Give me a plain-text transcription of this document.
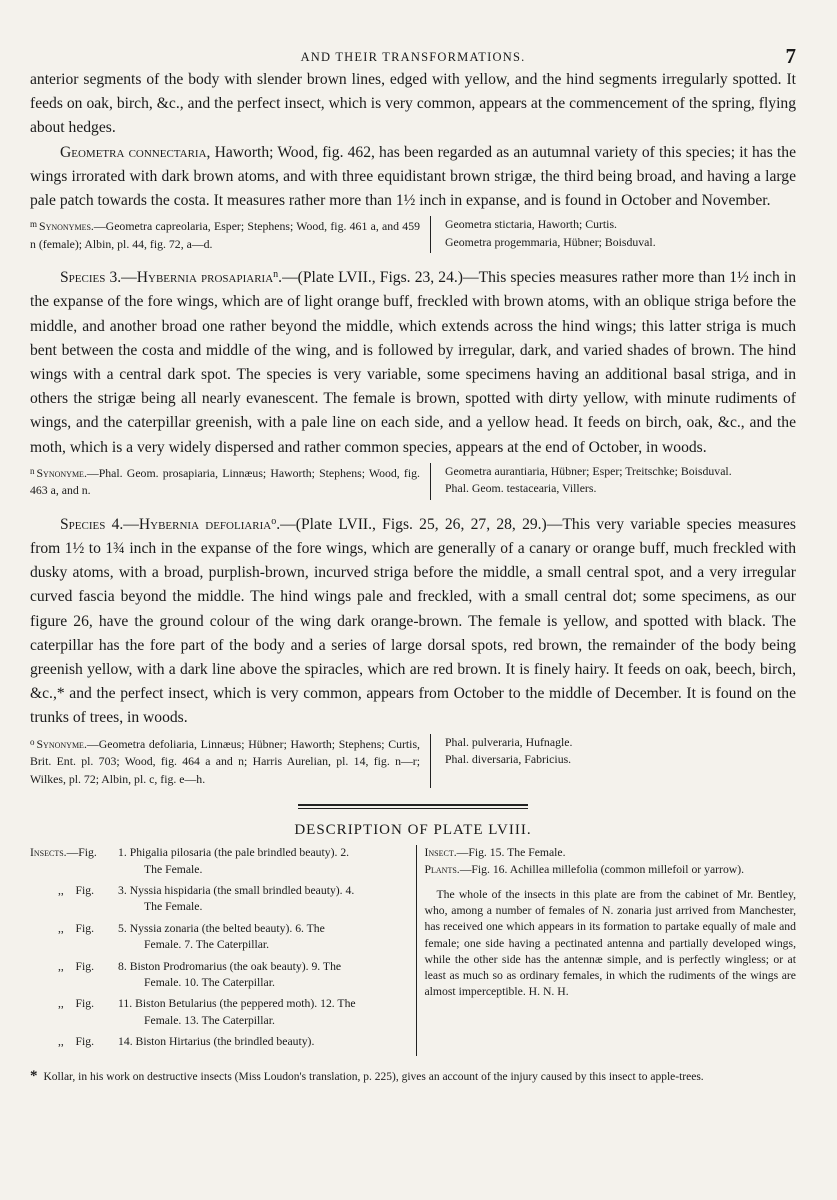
AND THEIR TRANSFORMATIONS.	7

anterior segments of the body with slender brown lines, edged with yellow, and the hind segments irregularly spotted. It feeds on oak, birch, &c., and the perfect insect, which is very common, appears at the commencement of the spring, flying about hedges.

Geometra connectaria, Haworth; Wood, fig. 462, has been regarded as an autumnal variety of this species; it has the wings irrorated with dark brown atoms, and with three equidistant brown strigæ, the third being broad, and having a large pale patch towards the costa. It measures rather more than 1½ inch in expanse, and is found in October and November.

$^m$ Synonymes.—Geometra capreolaria, Esper; Stephens; Wood, fig. 461 a, and 459 n (female); Albin, pl. 44, fig. 72, a—d.
Geometra stictaria, Haworth; Curtis.
Geometra progemmaria, Hübner; Boisduval.

Species 3.—Hybernia prosapiaria$^n$.—(Plate LVII., Figs. 23, 24.)—This species measures rather more than 1½ inch in the expanse of the fore wings, which are of light orange buff, freckled with brown atoms, with an oblique striga before the middle, and another broad one rather beyond the middle, which extends across the hind wings; this latter striga is much bent between the costa and middle of the wing, and is followed by irregular, dark, and varied shades of brown. The hind wings with a central dark spot. The species is very variable, some specimens having an additional basal striga, and in others the strigæ being all nearly evanescent. The female is brown, spotted with dirty yellow, with minute rudiments of wings, and the caterpillar greenish, with a pale line on each side, and a yellow head. It feeds on birch, oak, &c., and the moth, which is a very widely dispersed and rather common species, appears at the end of October, in woods.

$^n$ Synonyme.—Phal. Geom. prosapiaria, Linnæus; Haworth; Stephens; Wood, fig. 463 a, and n.
Geometra aurantiaria, Hübner; Esper; Treitschke; Boisduval.
Phal. Geom. testacearia, Villers.

Species 4.—Hybernia defoliaria$^o$.—(Plate LVII., Figs. 25, 26, 27, 28, 29.)—This very variable species measures from 1½ to 1¾ inch in the expanse of the fore wings, which are generally of a canary or orange buff, much freckled with dusky atoms, with a broad, purplish-brown, incurved striga before the middle, a small central spot, and a very irregular curved fascia beyond the middle. The hind wings pale and freckled, with a small central dot; some specimens, as our figure 26, have the ground colour of the wing dark orange-brown. The female is yellow, and spotted with black. The caterpillar has the fore part of the body and a series of large dorsal spots, red brown, the remainder of the body being greenish yellow, with a dark line above the spiracles, which are red brown. It is finely hairy. It feeds on oak, beech, birch, &c.,* and the perfect insect, which is very common, appears from October to the middle of December. It is found on the trunks of trees, in woods.

$^o$ Synonyme.—Geometra defoliaria, Linnæus; Hübner; Haworth; Stephens; Curtis, Brit. Ent. pl. 703; Wood, fig. 464 a and n; Harris Aurelian, pl. 14, fig. n—r; Wilkes, pl. 72; Albin, pl. c, fig. e—h.
Phal. pulveraria, Hufnagle.
Phal. diversaria, Fabricius.
DESCRIPTION OF PLATE LVIII.
Insects.—Fig.	1. Phigalia pilosaria (the pale brindled beauty). 2.
The Female.
,,    Fig.	3. Nyssia hispidaria (the small brindled beauty). 4.
The Female.
,,    Fig.	5. Nyssia zonaria (the belted beauty). 6. The
Female. 7. The Caterpillar.
,,    Fig.	8. Biston Prodromarius (the oak beauty). 9. The
Female. 10. The Caterpillar.
,,    Fig.	11. Biston Betularius (the peppered moth). 12. The
Female. 13. The Caterpillar.
,,    Fig.	14. Biston Hirtarius (the brindled beauty).
Insect.—Fig. 15. The Female.
Plants.—Fig. 16. Achillea millefolia (common millefoil or yarrow).
The whole of the insects in this plate are from the cabinet of Mr. Bentley, who, among a number of females of N. zonaria just arrived from Manchester, has received one which appears in its formation to partake equally of male and female; one side having a pectinated antenna and partially developed wings, while the other side has the antennæ simple, and is perfectly wingless; or at least as much so as ordinary females, in which the rudiments of the wings are almost imperceptible. H. N. H.
* Kollar, in his work on destructive insects (Miss Loudon's translation, p. 225), gives an account of the injury caused by this insect to apple-trees.
